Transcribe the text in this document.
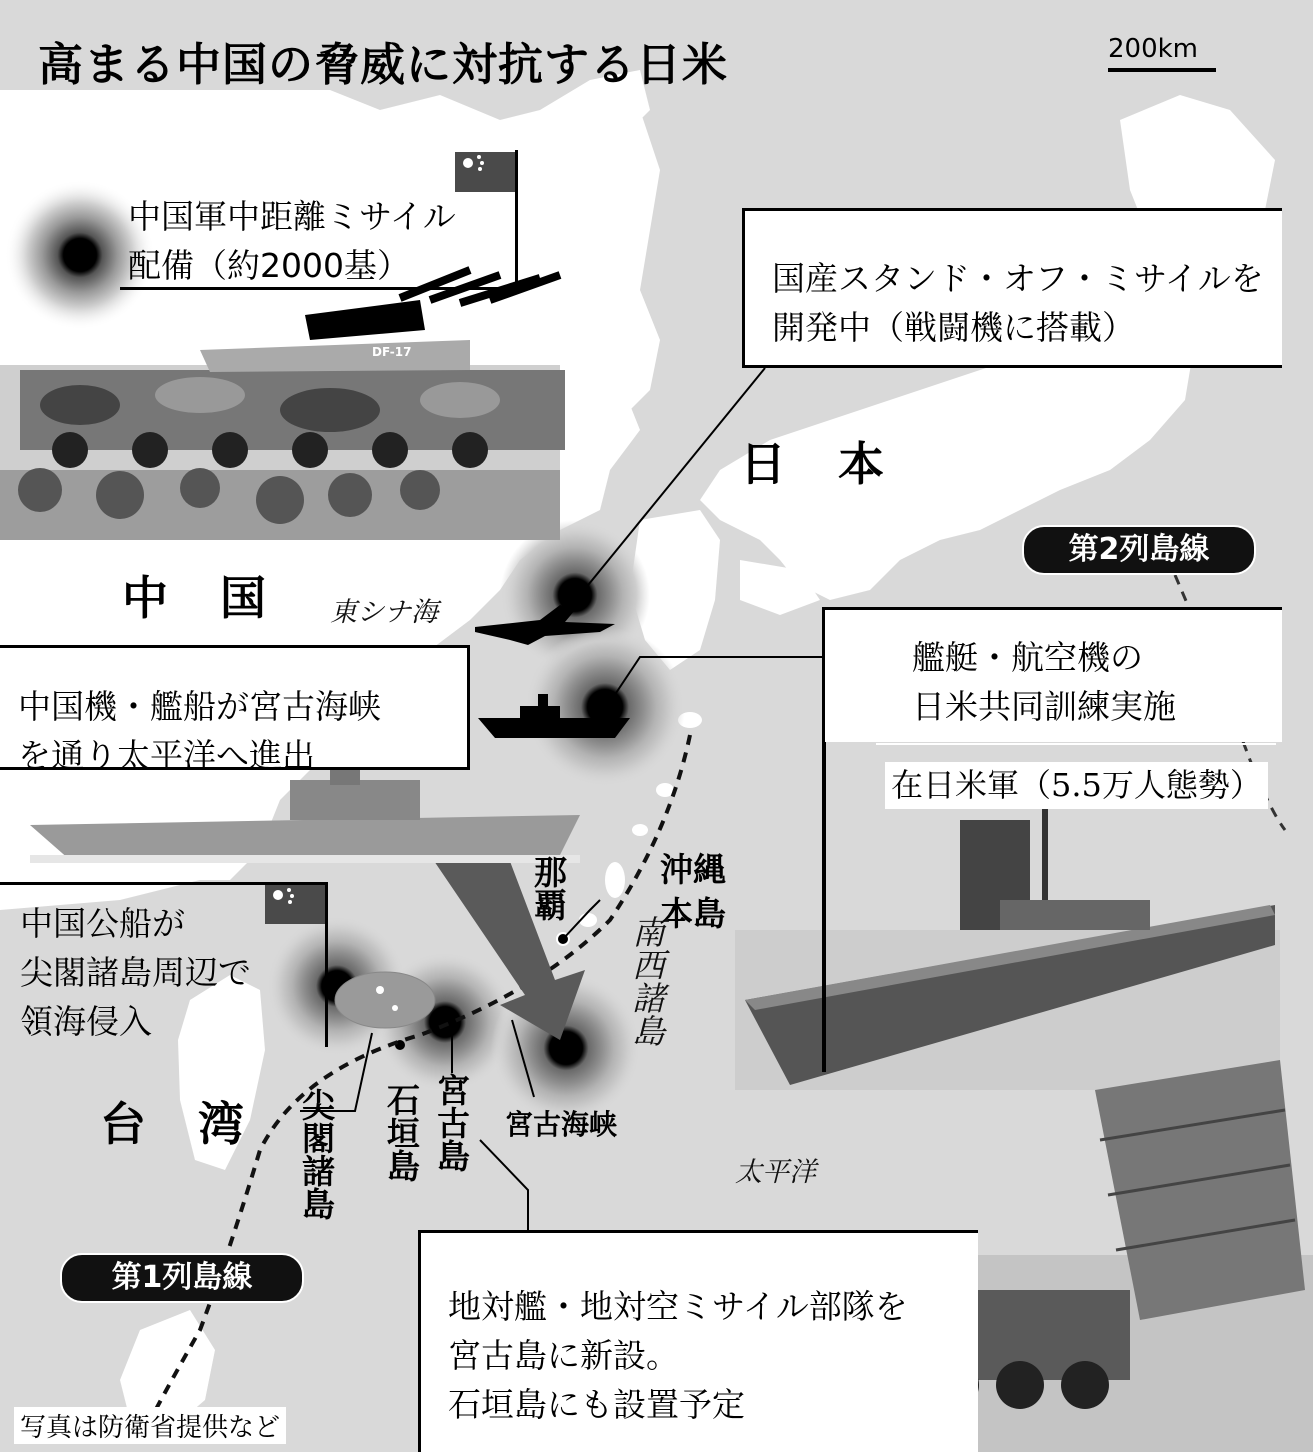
高まる中国の脅威に対抗する日米	200km
中国軍中距離ミサイル
配備（約2000基）
DF-17
国産スタンド・オフ・ミサイルを
開発中（戦闘機に搭載）
日本
中国
台湾
東シナ海
太平洋
第2列島線
艦艇・航空機の
日米共同訓練実施
在日米軍（5.5万人態勢）
中国機・艦船が宮古海峡
を通り太平洋へ進出
那覇	沖縄本島
南西諸島
中国公船が
尖閣諸島周辺で
領海侵入
尖閣諸島 石垣島 宮古島 宮古海峡
第1列島線
地対艦・地対空ミサイル部隊を
宮古島に新設。
石垣島にも設置予定
写真は防衛省提供など
